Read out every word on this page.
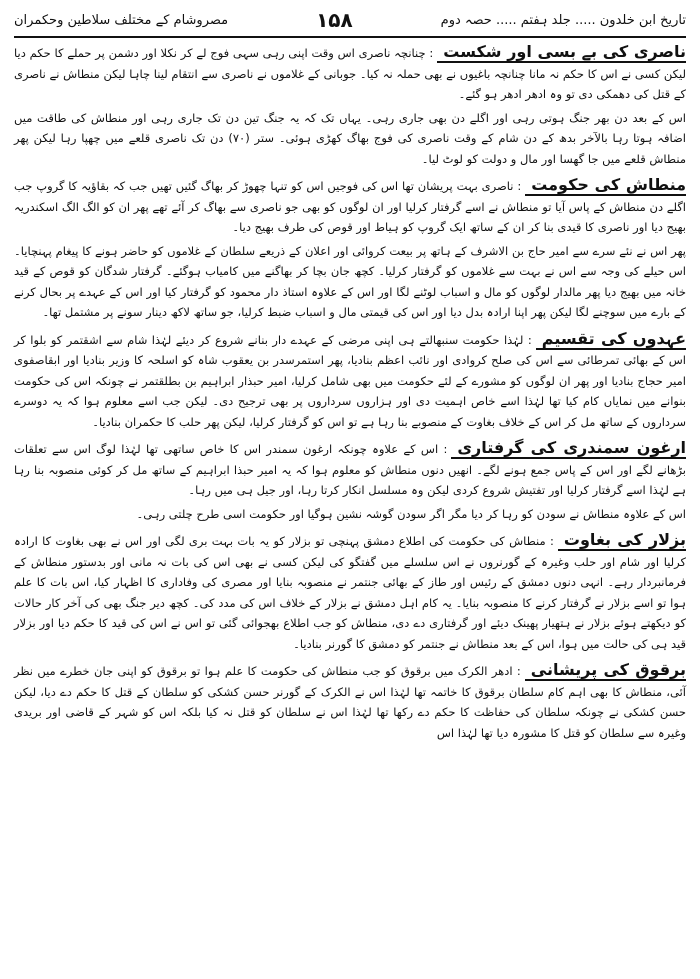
تاریخ ابن خلدون ..... جلد ہفتم ..... حصہ دوم
۱۵۸
مصروشام کے مختلف سلاطین وحکمران

ناصری کی بے بسی اور شکست: چنانچہ ناصری اس وقت اپنی رہی سہی فوج لے کر نکلا اور دشمن پر حملے کا حکم دیا لیکن کسی نے اس کا حکم نہ مانا چنانچہ باغیوں نے بھی حملہ نہ کیا۔ جوبانی کے غلاموں نے ناصری سے انتقام لینا چاہا لیکن منطاش نے ناصری کے قتل کی دھمکی دی تو وہ ادھر ادھر ہو گئے۔

اس کے بعد دن بھر جنگ ہوتی رہی اور اگلے دن بھی جاری رہی۔ یہاں تک کہ یہ جنگ تین دن تک جاری رہی اور منطاش کی طاقت میں اضافہ ہوتا رہا بالآخر بدھ کے دن شام کے وقت ناصری کی فوج بھاگ کھڑی ہوئی۔ ستر (۷۰) دن تک ناصری قلعے میں چھپا رہا لیکن پھر منطاش قلعے میں جا گھسا اور مال و دولت کو لوٹ لیا۔

منطاش کی حکومت: ناصری بہت پریشان تھا اس کی فوجیں اس کو تنہا چھوڑ کر بھاگ گئیں تھیں جب کہ بقاؤیہ کا گروپ جب اگلے دن منطاش کے پاس آیا تو منطاش نے اسے گرفتار کرلیا اور ان لوگوں کو بھی جو ناصری سے بھاگ کر آئے تھے پھر ان کو الگ الگ اسکندریہ بھیج دیا اور ناصری کا قیدی بنا کر ان کے ساتھ ایک گروپ کو ہیاط اور قوص کی طرف بھیج دیا۔

پھر اس نے نئے سرے سے امیر حاج بن الاشرف کے ہاتھ پر بیعت کروائی اور اعلان کے ذریعے سلطان کے غلاموں کو حاضر ہونے کا پیغام پہنچایا۔ اس حیلے کی وجہ سے اس نے بہت سے غلاموں کو گرفتار کرلیا۔ کچھ جان بچا کر بھاگنے میں کامیاب ہوگئے۔ گرفتار شدگان کو قوص کے قید خانہ میں بھیج دیا پھر مالدار لوگوں کو مال و اسباب لوٹنے لگا اور اس کے علاوہ استاذ دار محمود کو گرفتار کیا اور اس کے عہدے پر بحال کرنے کے بارے میں سوچنے لگا لیکن پھر اپنا ارادہ بدل دیا اور اس کی قیمتی مال و اسباب ضبط کرلیا، جو ساتھ لاکھ دینار سونے پر مشتمل تھا۔

عہدوں کی تقسیم: لہٰذا حکومت سنبھالتے ہی اپنی مرضی کے عہدے دار بنانے شروع کر دیئے لہٰذا شام سے اشقتمر کو بلوا کر اس کے بھائی تمرطائی سے اس کی صلح کروادی اور نائب اعظم بنادیا، پھر استمرسدر بن یعقوب شاہ کو اسلحہ کا وزیر بنادیا اور ابقاصفوی امیر حجاج بنادیا اور پھر ان لوگوں کو مشورے کے لئے حکومت میں بھی شامل کرلیا، امیر حبذار ابراہیم بن بطلقتمر نے چونکہ اس کی حکومت بنوانے میں نمایاں کام کیا تھا لہٰذا اسے خاص اہمیت دی اور ہزاروں سرداروں پر بھی ترجیح دی۔ لیکن جب اسے معلوم ہوا کہ یہ دوسرے سرداروں کے ساتھ مل کر اس کے خلاف بغاوت کے منصوبے بنا رہا ہے تو اس کو گرفتار کرلیا، لیکن پھر حلب کا حکمران بنادیا۔

ارغون سمندری کی گرفتاری: اس کے علاوہ چونکہ ارغون سمندر اس کا خاص ساتھی تھا لہٰذا لوگ اس سے تعلقات بڑھانے لگے اور اس کے پاس جمع ہونے لگے۔ انھیں دنوں منطاش کو معلوم ہوا کہ یہ امیر حبذا ابراہیم کے ساتھ مل کر کوئی منصوبہ بنا رہا ہے لہٰذا اسے گرفتار کرلیا اور تفتیش شروع کردی لیکن وہ مسلسل انکار کرتا رہا، اور جیل ہی میں رہا۔

اس کے علاوہ منطاش نے سودن کو رہا کر دیا مگر اگر سودن گوشہ نشین ہوگیا اور حکومت اسی طرح چلتی رہی۔

بزلار کی بغاوت: منطاش کی حکومت کی اطلاع دمشق پہنچی تو بزلار کو یہ بات بہت بری لگی اور اس نے بھی بغاوت کا ارادہ کرلیا اور شام اور حلب وغیرہ کے گورنروں نے اس سلسلے میں گفتگو کی لیکن کسی نے بھی اس کی بات نہ مانی اور بدستور منطاش کے فرمانبردار رہے۔ انہی دنوں دمشق کے رئیس اور طاز کے بھائی جنتمر نے منصوبہ بنایا اور مصری کی وفاداری کا اظہار کیا، اس بات کا علم ہوا تو اسے بزلار نے گرفتار کرنے کا منصوبہ بنایا۔ یہ کام اہل دمشق نے بزلار کے خلاف اس کی مدد کی۔ کچھ دیر جنگ بھی کی آخر کار حالات کو دیکھتے ہوئے بزلار نے ہتھیار پھینک دیئے اور گرفتاری دے دی، منطاش کو جب اطلاع بھجوائی گئی تو اس نے اس کی قید کا حکم دیا اور بزلار قید ہی کی حالت میں ہوا، اس کے بعد منطاش نے جنتمر کو دمشق کا گورنر بنادیا۔

برقوق کی پریشانی: ادھر الکرک میں برقوق کو جب منطاش کی حکومت کا علم ہوا تو برقوق کو اپنی جان خطرے میں نظر آئی، منطاش کا بھی اہم کام سلطان برقوق کا خاتمہ تھا لہٰذا اس نے الکرک کے گورنر حسن کشکی کو سلطان کے قتل کا حکم دے دیا، لیکن حسن کشکی نے چونکہ سلطان کی حفاظت کا حکم دے رکھا تھا لہٰذا اس نے سلطان کو قتل نہ کیا بلکہ اس کو شہر کے قاضی اور بریدی وغیرہ سے سلطان کو قتل کا مشورہ دیا تھا لہٰذا اس
